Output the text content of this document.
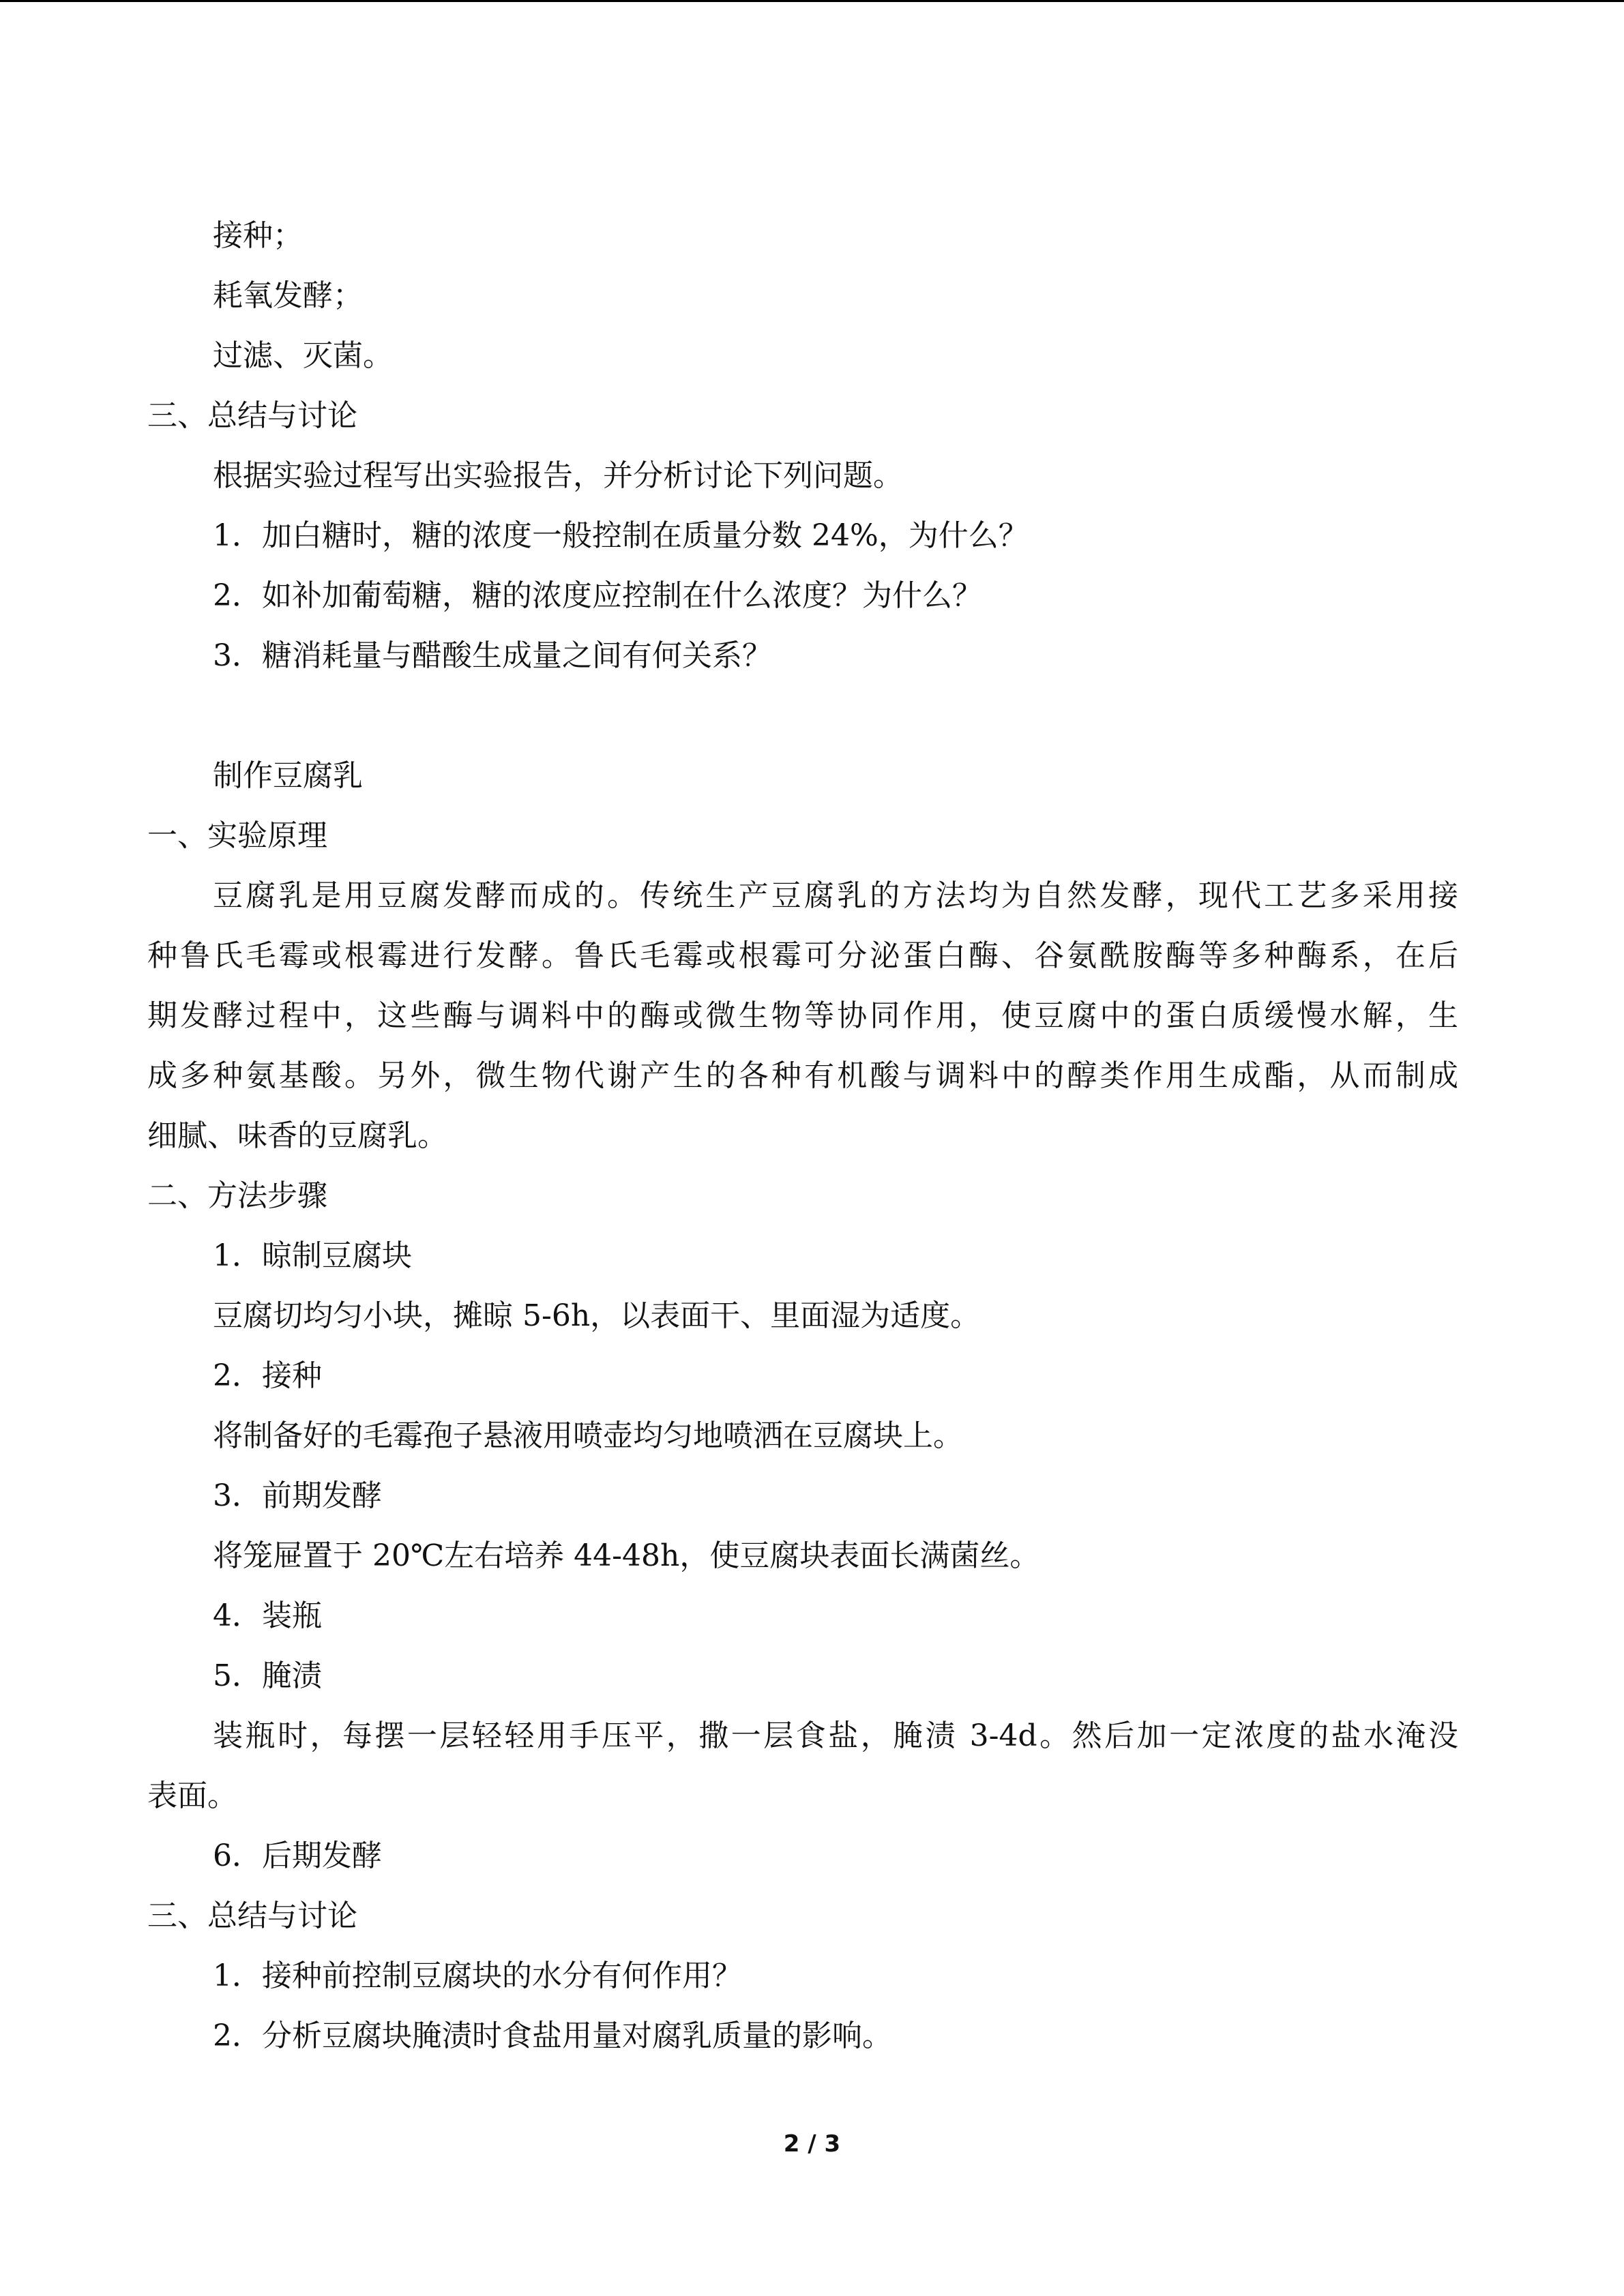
接种；
耗氧发酵；
过滤、灭菌。
三、总结与讨论
根据实验过程写出实验报告，并分析讨论下列问题。
1．加白糖时，糖的浓度一般控制在质量分数 24%，为什么？
2．如补加葡萄糖，糖的浓度应控制在什么浓度？为什么？
3．糖消耗量与醋酸生成量之间有何关系？
制作豆腐乳
一、实验原理
豆腐乳是用豆腐发酵而成的。传统生产豆腐乳的方法均为自然发酵，现代工艺多采用接
种鲁氏毛霉或根霉进行发酵。鲁氏毛霉或根霉可分泌蛋白酶、谷氨酰胺酶等多种酶系，在后
期发酵过程中，这些酶与调料中的酶或微生物等协同作用，使豆腐中的蛋白质缓慢水解，生
成多种氨基酸。另外，微生物代谢产生的各种有机酸与调料中的醇类作用生成酯，从而制成
细腻、味香的豆腐乳。
二、方法步骤
1．晾制豆腐块
豆腐切均匀小块，摊晾 5-6h，以表面干、里面湿为适度。
2．接种
将制备好的毛霉孢子悬液用喷壶均匀地喷洒在豆腐块上。
3．前期发酵
将笼屉置于 20℃左右培养 44-48h，使豆腐块表面长满菌丝。
4．装瓶
5．腌渍
装瓶时，每摆一层轻轻用手压平，撒一层食盐，腌渍 3-4d。然后加一定浓度的盐水淹没
表面。
6．后期发酵
三、总结与讨论
1．接种前控制豆腐块的水分有何作用？
2．分析豆腐块腌渍时食盐用量对腐乳质量的影响。
2 / 3
